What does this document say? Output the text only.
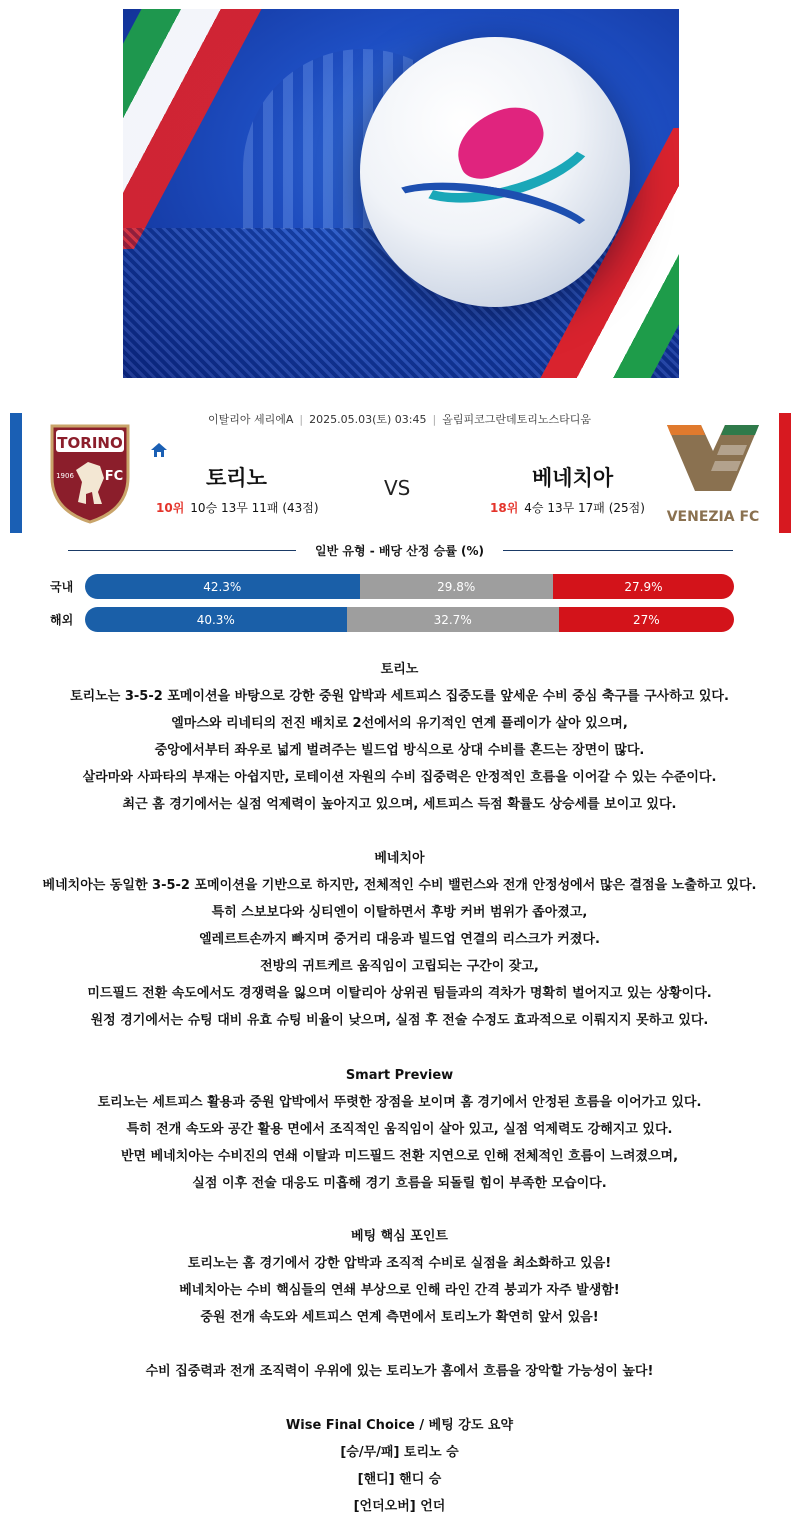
이탈리아 세리에A | 2025.05.03(토) 03:45 | 올림피코그란데토리노스타디움
TORINO
1906 FC	토리노	VS	베네치아
10위 10승 13무 11패 (43점)	18위 4승 13무 17패 (25점)
VENEZIA FC
일반 유형 - 배당 산정 승률 (%)
국내	42.3%	29.8%	27.9%
해외	40.3%	32.7%	27%
토리노
토리노는 3-5-2 포메이션을 바탕으로 강한 중원 압박과 세트피스 집중도를 앞세운 수비 중심 축구를 구사하고 있다.
엘마스와 리네티의 전진 배치로 2선에서의 유기적인 연계 플레이가 살아 있으며,
중앙에서부터 좌우로 넓게 벌려주는 빌드업 방식으로 상대 수비를 흔드는 장면이 많다.
살라마와 사파타의 부재는 아쉽지만, 로테이션 자원의 수비 집중력은 안정적인 흐름을 이어갈 수 있는 수준이다.
최근 홈 경기에서는 실점 억제력이 높아지고 있으며, 세트피스 득점 확률도 상승세를 보이고 있다.
베네치아
베네치아는 동일한 3-5-2 포메이션을 기반으로 하지만, 전체적인 수비 밸런스와 전개 안정성에서 많은 결점을 노출하고 있다.
특히 스보보다와 싱티엔이 이탈하면서 후방 커버 범위가 좁아졌고,
엘레르트손까지 빠지며 중거리 대응과 빌드업 연결의 리스크가 커졌다.
전방의 귀트케르 움직임이 고립되는 구간이 잦고,
미드필드 전환 속도에서도 경쟁력을 잃으며 이탈리아 상위권 팀들과의 격차가 명확히 벌어지고 있는 상황이다.
원정 경기에서는 슈팅 대비 유효 슈팅 비율이 낮으며, 실점 후 전술 수정도 효과적으로 이뤄지지 못하고 있다.
Smart Preview
토리노는 세트피스 활용과 중원 압박에서 뚜렷한 장점을 보이며 홈 경기에서 안정된 흐름을 이어가고 있다.
특히 전개 속도와 공간 활용 면에서 조직적인 움직임이 살아 있고, 실점 억제력도 강해지고 있다.
반면 베네치아는 수비진의 연쇄 이탈과 미드필드 전환 지연으로 인해 전체적인 흐름이 느려졌으며,
실점 이후 전술 대응도 미흡해 경기 흐름을 되돌릴 힘이 부족한 모습이다.
베팅 핵심 포인트
토리노는 홈 경기에서 강한 압박과 조직적 수비로 실점을 최소화하고 있음!
베네치아는 수비 핵심들의 연쇄 부상으로 인해 라인 간격 붕괴가 자주 발생함!
중원 전개 속도와 세트피스 연계 측면에서 토리노가 확연히 앞서 있음!
수비 집중력과 전개 조직력이 우위에 있는 토리노가 홈에서 흐름을 장악할 가능성이 높다!
Wise Final Choice / 베팅 강도 요약
[승/무/패] 토리노 승
[핸디] 핸디 승
[언더오버] 언더
